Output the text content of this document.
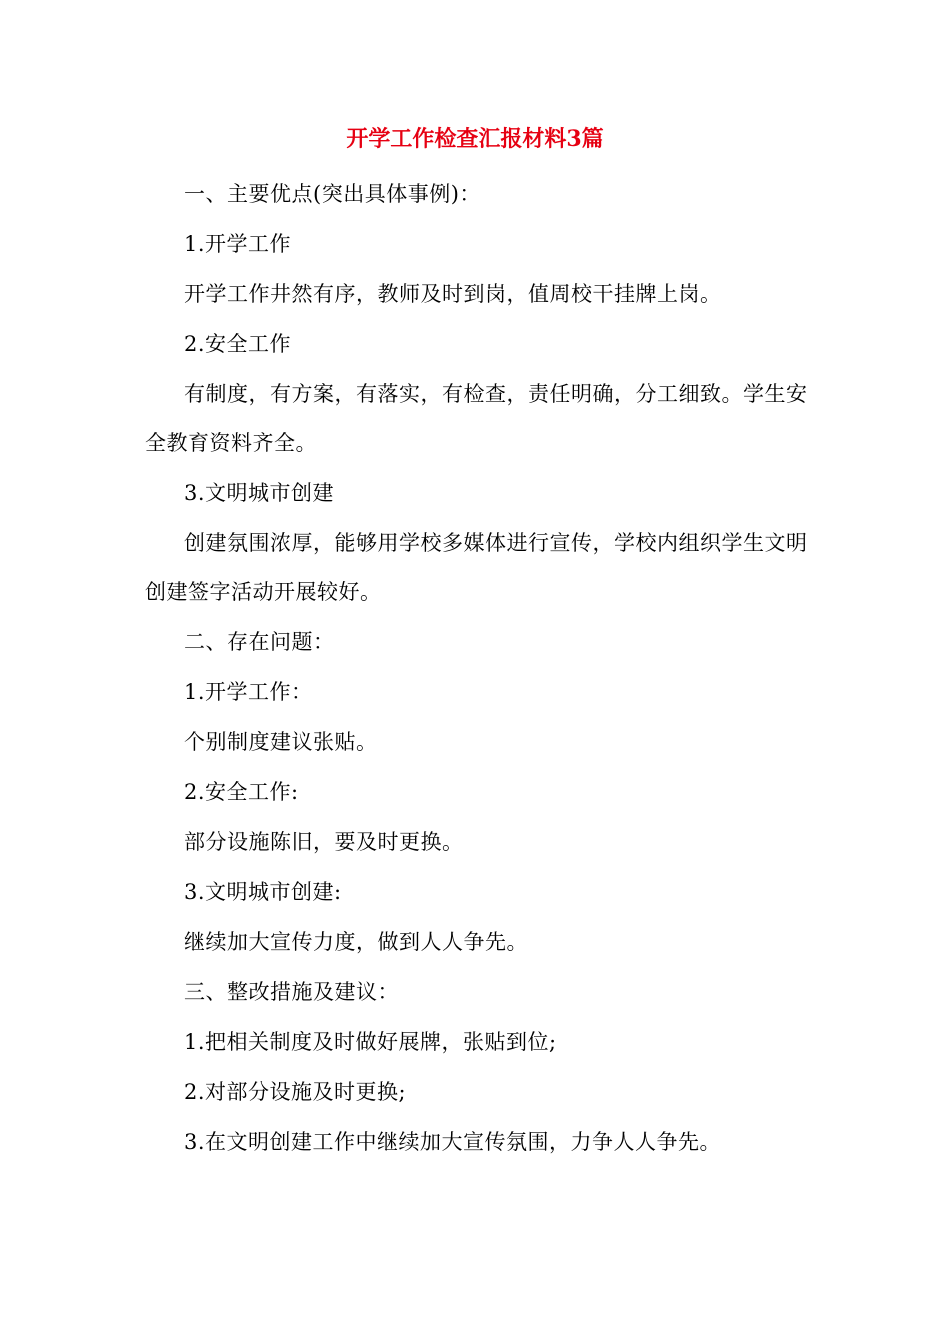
开学工作检查汇报材料3篇

一、主要优点(突出具体事例)：

1.开学工作

开学工作井然有序，教师及时到岗，值周校干挂牌上岗。

2.安全工作

有制度，有方案，有落实，有检查，责任明确，分工细致。学生安全教育资料齐全。

3.文明城市创建

创建氛围浓厚，能够用学校多媒体进行宣传，学校内组织学生文明创建签字活动开展较好。

二、存在问题：

1.开学工作：

个别制度建议张贴。

2.安全工作:

部分设施陈旧，要及时更换。

3.文明城市创建:

继续加大宣传力度，做到人人争先。

三、整改措施及建议：

1.把相关制度及时做好展牌，张贴到位;

2.对部分设施及时更换;

3.在文明创建工作中继续加大宣传氛围，力争人人争先。
